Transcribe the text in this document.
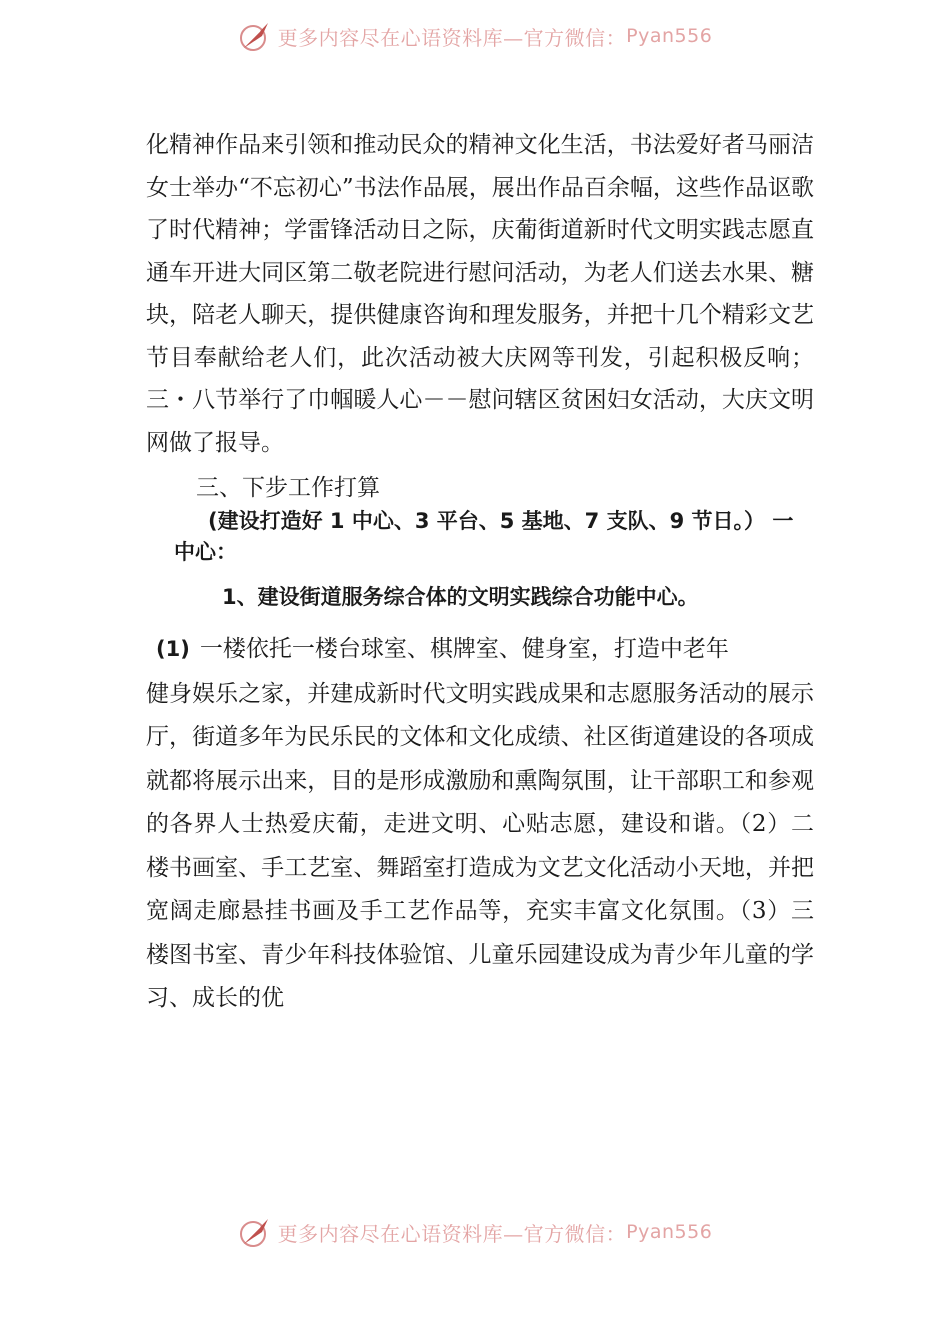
更多内容尽在心语资料库—官方微信： Pyan556

化精神作品来引领和推动民众的精神文化生活，书法爱好者马丽洁女士举办“不忘初心”书法作品展，展出作品百余幅，这些作品讴歌了时代精神；学雷锋活动日之际，庆葡街道新时代文明实践志愿直通车开进大同区第二敬老院进行慰问活动，为老人们送去水果、糖块，陪老人聊天，提供健康咨询和理发服务，并把十几个精彩文艺节目奉献给老人们，此次活动被大庆网等刊发，引起积极反响；三・八节举行了巾帼暖人心－－慰问辖区贫困妇女活动，大庆文明网做了报导。

三、下步工作打算

(建设打造好 1 中心、3 平台、5 基地、7 支队、9 节日。） 一中心：

1、建设街道服务综合体的文明实践综合功能中心。

(1) 一楼依托一楼台球室、棋牌室、健身室，打造中老年

健身娱乐之家，并建成新时代文明实践成果和志愿服务活动的展示厅，街道多年为民乐民的文体和文化成绩、社区街道建设的各项成就都将展示出来，目的是形成激励和熏陶氛围，让干部职工和参观的各界人士热爱庆葡，走进文明、心贴志愿，建设和谐。（2）二楼书画室、手工艺室、舞蹈室打造成为文艺文化活动小天地，并把宽阔走廊悬挂书画及手工艺作品等，充实丰富文化氛围。（3）三楼图书室、青少年科技体验馆、儿童乐园建设成为青少年儿童的学习、成长的优

更多内容尽在心语资料库—官方微信： Pyan556
